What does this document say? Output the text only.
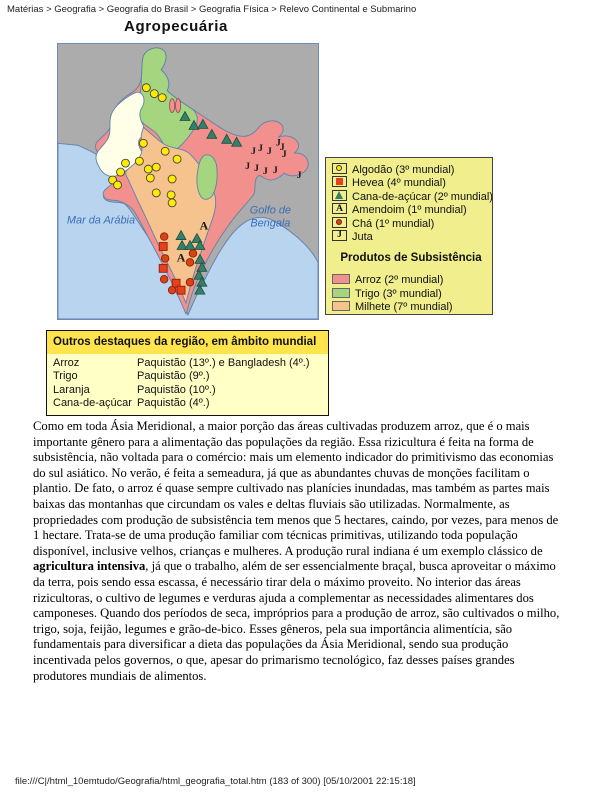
Matérias > Geografia > Geografia do Brasil > Geografia Física > Relevo Continental e Submarino
Agropecuária
J J J
J J
J
J J J J J
A
A
Mar da Arábia
Golfo de
Bengala
Algodão (3º mundial)
Hevea (4º mundial)
Cana-de-açúcar (2º mundial)
A Amendoim (1º mundial)
Chá (1º mundial)
J Juta
Produtos de Subsistência
Arroz (2º mundial)
Trigo (3º mundial)
Milhete (7º mundial)
Outros destaques da região, em âmbito mundial
Arroz	Paquistão (13º.) e Bangladesh (4º.)
Trigo	Paquistão (9º.)
Laranja	Paquistão (10º.)
Cana-de-açúcar Paquistão (4º.)

Como em toda Ásia Meridional, a maior porção das áreas cultivadas produzem arroz, que é o mais importante gênero para a alimentação das populações da região. Essa rizicultura é feita na forma de subsistência, não voltada para o comércio: mais um elemento indicador do primitivismo das economias do sul asiático. No verão, é feita a semeadura, já que as abundantes chuvas de monções facilitam o plantio. De fato, o arroz é quase sempre cultivado nas planícies inundadas, mas também as partes mais baixas das montanhas que circundam os vales e deltas fluviais são utilizadas. Normalmente, as propriedades com produção de subsistência tem menos que 5 hectares, caindo, por vezes, para menos de 1 hectare. Trata-se de uma produção familiar com técnicas primitivas, utilizando toda população disponível, inclusive velhos, crianças e mulheres. A produção rural indiana é um exemplo clássico de agricultura intensiva, já que o trabalho, além de ser essencialmente braçal, busca aproveitar o máximo da terra, pois sendo essa escassa, é necessário tirar dela o máximo proveito. No interior das áreas rizicultoras, o cultivo de legumes e verduras ajuda a complementar as necessidades alimentares dos camponeses. Quando dos períodos de seca, impróprios para a produção de arroz, são cultivados o milho, trigo, soja, feijão, legumes e grão-de-bico. Esses gêneros, pela sua importância alimentícia, são fundamentais para diversificar a dieta das populações da Ásia Meridional, sendo sua produção incentivada pelos governos, o que, apesar do primarismo tecnológico, faz desses países grandes produtores mundiais de alimentos.

file:///C|/html_10emtudo/Geografia/html_geografia_total.htm (183 of 300) [05/10/2001 22:15:18]
